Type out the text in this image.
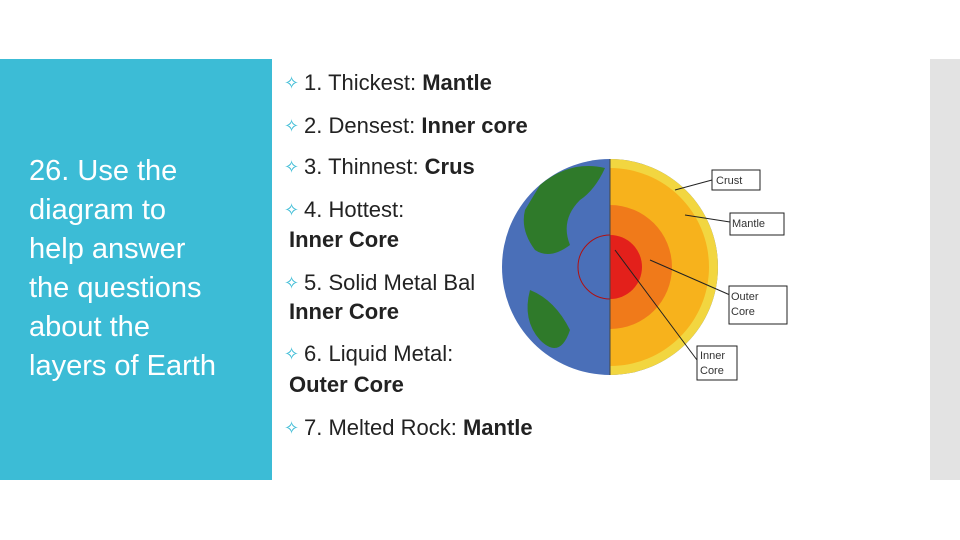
26. Use the
diagram to
help answer
the questions
about the
layers of Earth
Crust
Mantle
Outer
Core
Inner
Core
✧ 1. Thickest: Mantle
✧ 2. Densest: Inner core
✧ 3. Thinnest: Crus
✧ 4. Hottest:
Inner Core
✧ 5. Solid Metal Bal
Inner Core
✧ 6. Liquid Metal:
Outer Core
✧ 7. Melted Rock: Mantle
